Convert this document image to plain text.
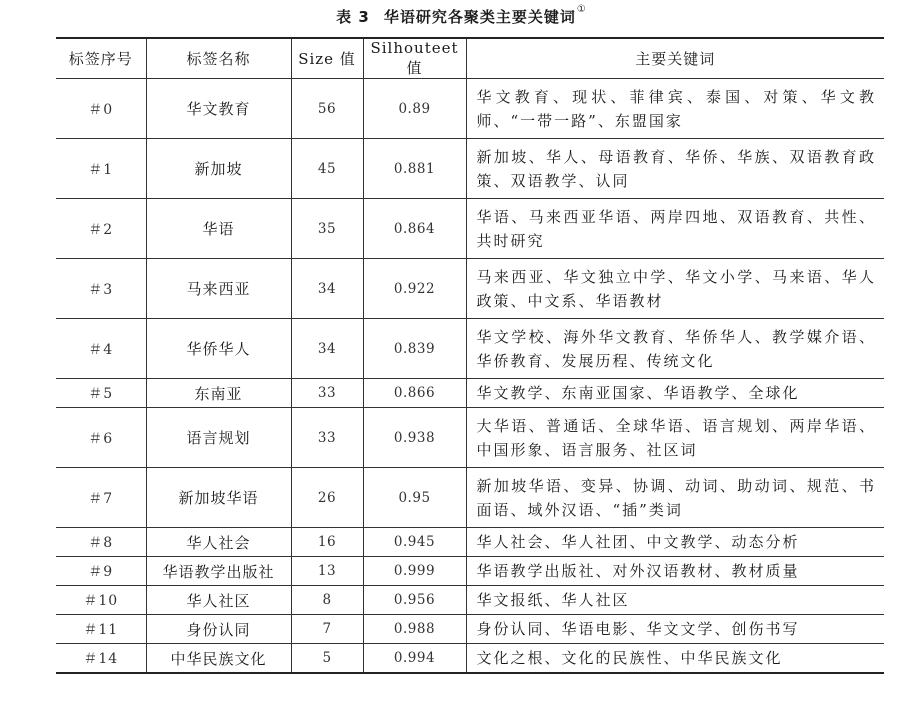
表 3 华语研究各聚类主要关键词①
标签序号	标签名称	Size 值	Silhouteet 值	主要关键词
＃0	华文教育	56	0.89	华文教育、现状、菲律宾、泰国、对策、华文教师、“一带一路”、东盟国家
＃1	新加坡	45	0.881	新加坡、华人、母语教育、华侨、华族、双语教育政策、双语教学、认同
＃2	华语	35	0.864	华语、马来西亚华语、两岸四地、双语教育、共性、共时研究
＃3	马来西亚	34	0.922	马来西亚、华文独立中学、华文小学、马来语、华人政策、中文系、华语教材
＃4	华侨华人	34	0.839	华文学校、海外华文教育、华侨华人、教学媒介语、华侨教育、发展历程、传统文化
＃5	东南亚	33	0.866	华文教学、东南亚国家、华语教学、全球化
＃6	语言规划	33	0.938	大华语、普通话、全球华语、语言规划、两岸华语、中国形象、语言服务、社区词
＃7	新加坡华语	26	0.95	新加坡华语、变异、协调、动词、助动词、规范、书面语、域外汉语、“插”类词
＃8	华人社会	16	0.945	华人社会、华人社团、中文教学、动态分析
＃9	华语教学出版社	13	0.999	华语教学出版社、对外汉语教材、教材质量
＃10	华人社区	8	0.956	华文报纸、华人社区
＃11	身份认同	7	0.988	身份认同、华语电影、华文文学、创伤书写
＃14	中华民族文化	5	0.994	文化之根、文化的民族性、中华民族文化
